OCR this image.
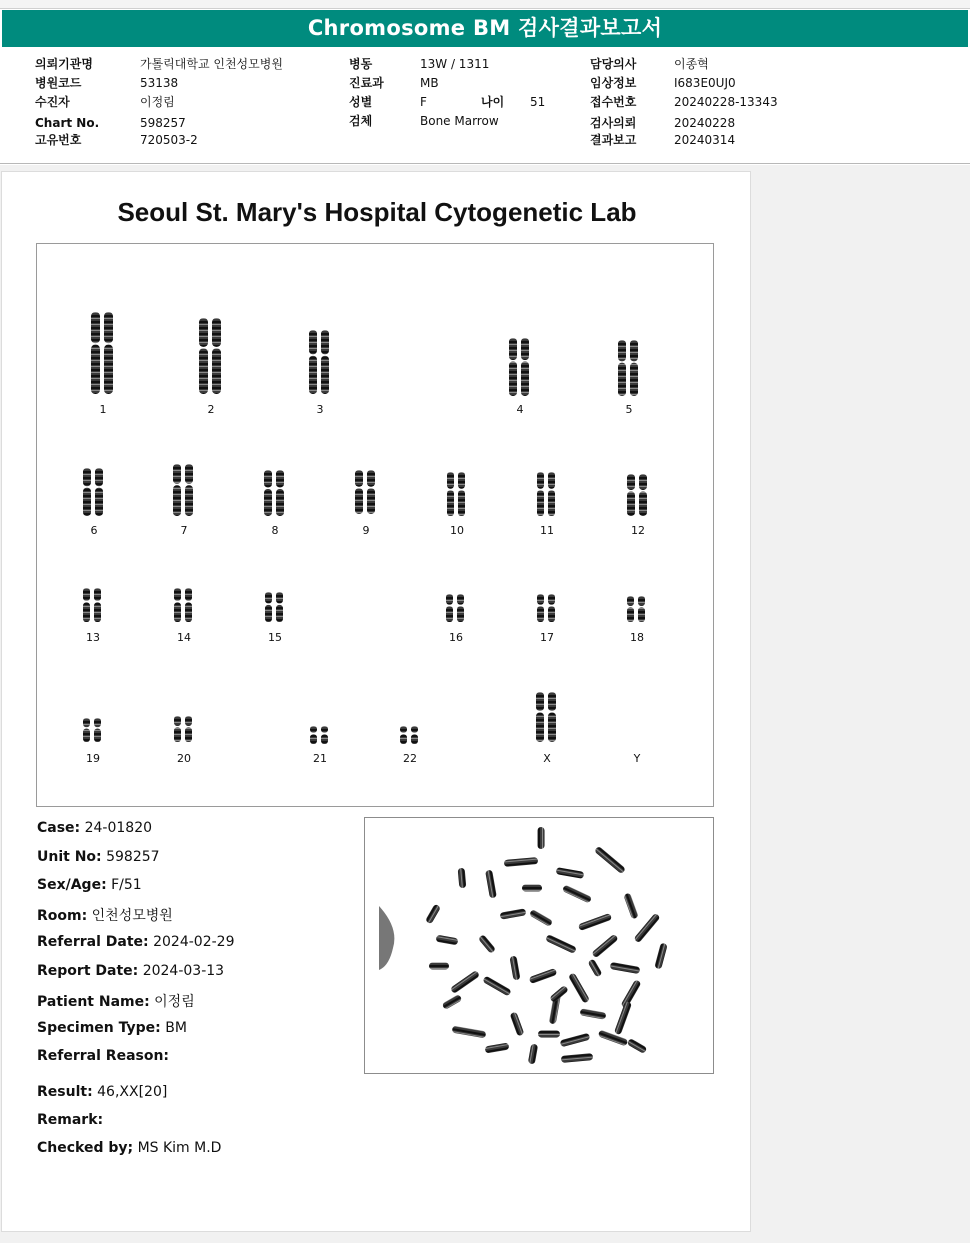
Chromosome BM 검사결과보고서
의뢰기관명	가톨릭대학교 인천성모병원
병원코드	53138
수진자	이정림
Chart No.	598257
고유번호	720503-2
병동	13W / 1311
진료과	MB
성별	F	나이 51
검체	Bone Marrow
담당의사	이종혁
임상정보	I683E0UJ0
접수번호	20240228-13343
검사의뢰	20240228
결과보고	20240314
Seoul St. Mary's Hospital Cytogenetic Lab
1	2	3	4	5
6	7	8	9	10	11	12
13	14	15	16	17	18
19	20	21	22	X	Y
Case: 24-01820
Unit No: 598257
Sex/Age: F/51
Room: 인천성모병원
Referral Date: 2024-02-29
Report Date: 2024-03-13
Patient Name: 이정림
Specimen Type: BM
Referral Reason:
Result: 46,XX[20]
Remark:
Checked by; MS Kim M.D
